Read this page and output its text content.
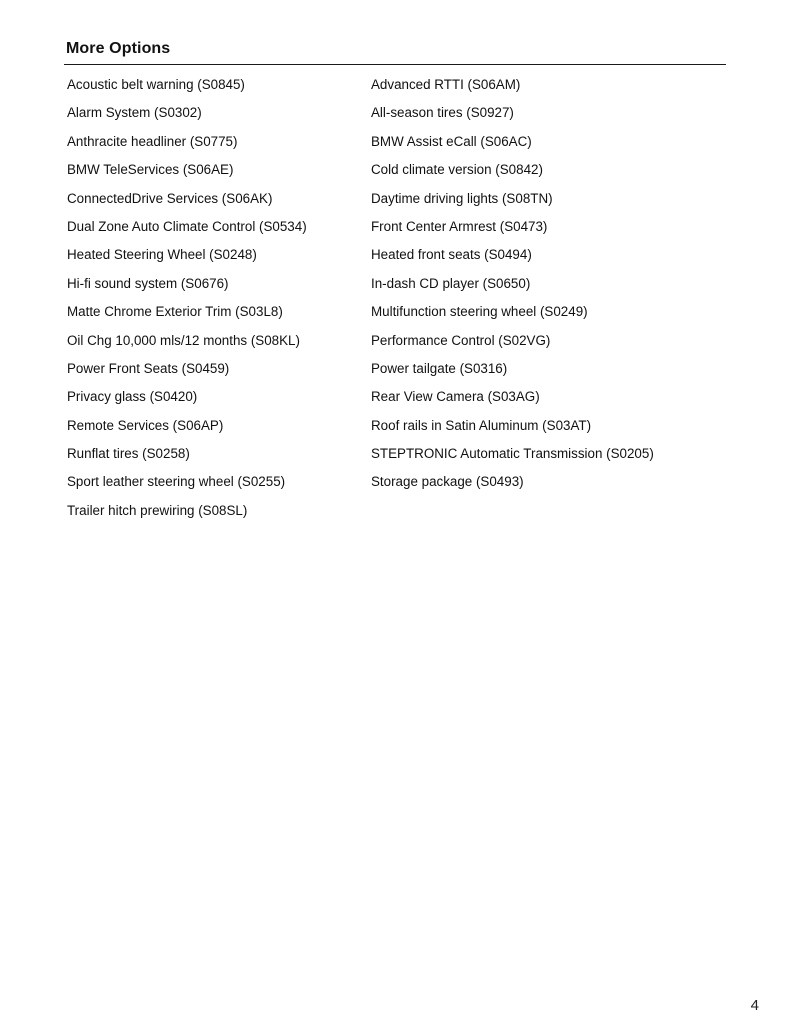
More Options
Acoustic belt warning (S0845)	Advanced RTTI (S06AM)
Alarm System (S0302)	All-season tires (S0927)
Anthracite headliner (S0775)	BMW Assist eCall (S06AC)
BMW TeleServices (S06AE)	Cold climate version (S0842)
ConnectedDrive Services (S06AK)	Daytime driving lights (S08TN)
Dual Zone Auto Climate Control (S0534)	Front Center Armrest (S0473)
Heated Steering Wheel (S0248)	Heated front seats (S0494)
Hi-fi sound system (S0676)	In-dash CD player (S0650)
Matte Chrome Exterior Trim (S03L8)	Multifunction steering wheel (S0249)
Oil Chg 10,000 mls/12 months (S08KL)	Performance Control (S02VG)
Power Front Seats (S0459)	Power tailgate (S0316)
Privacy glass (S0420)	Rear View Camera (S03AG)
Remote Services (S06AP)	Roof rails in Satin Aluminum (S03AT)
Runflat tires (S0258)	STEPTRONIC Automatic Transmission (S0205)
Sport leather steering wheel (S0255)	Storage package (S0493)
Trailer hitch prewiring (S08SL)
4
